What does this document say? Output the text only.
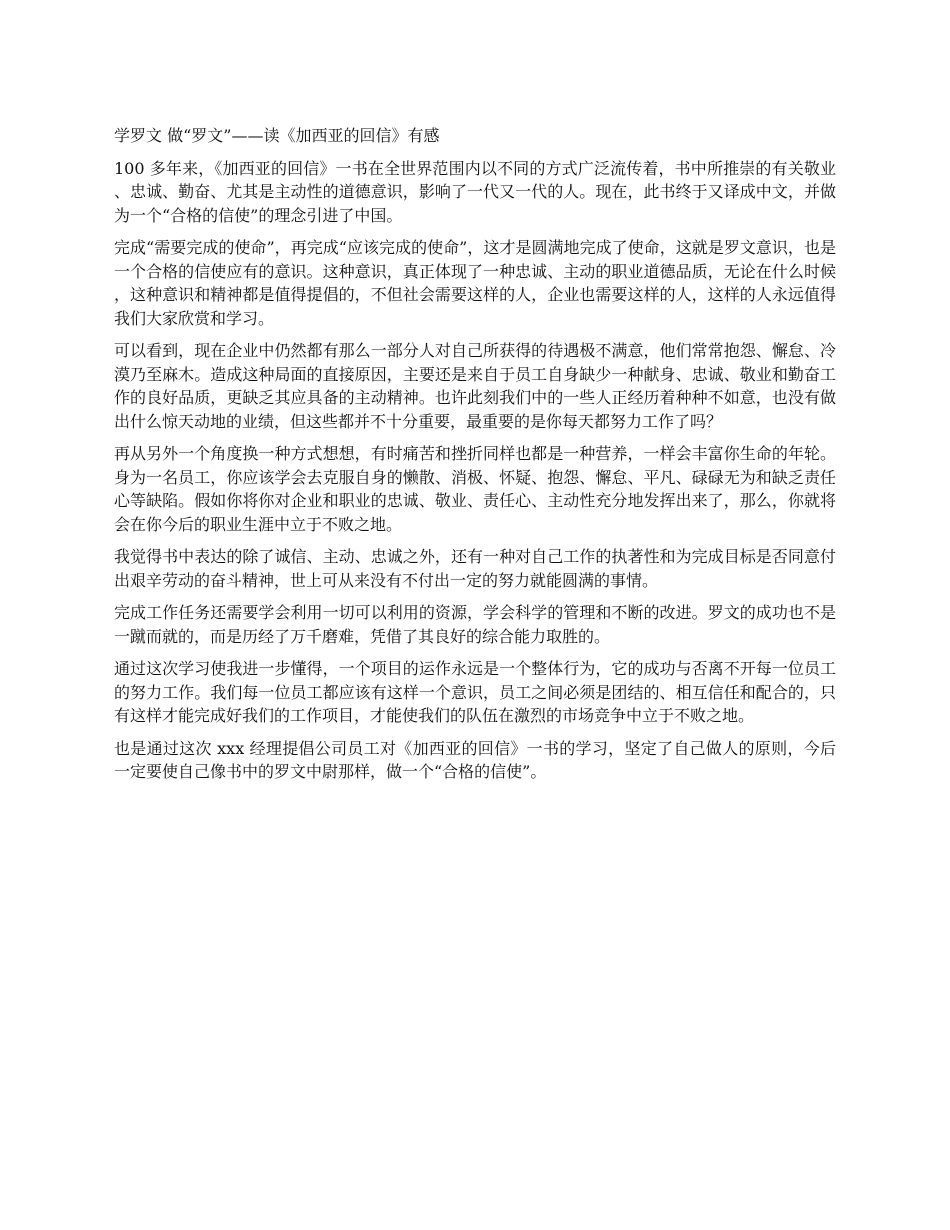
学罗文 做“罗文”——读《加西亚的回信》有感

100 多年来，《加西亚的回信》一书在全世界范围内以不同的方式广泛流传着，书中所推崇的有关敬业、忠诚、勤奋、尤其是主动性的道德意识，影响了一代又一代的人。现在，此书终于又译成中文，并做为一个“合格的信使”的理念引进了中国。

完成“需要完成的使命”，再完成“应该完成的使命”，这才是圆满地完成了使命，这就是罗文意识，也是一个合格的信使应有的意识。这种意识，真正体现了一种忠诚、主动的职业道德品质，无论在什么时候，这种意识和精神都是值得提倡的，不但社会需要这样的人，企业也需要这样的人，这样的人永远值得我们大家欣赏和学习。

可以看到，现在企业中仍然都有那么一部分人对自己所获得的待遇极不满意，他们常常抱怨、懈怠、冷漠乃至麻木。造成这种局面的直接原因，主要还是来自于员工自身缺少一种献身、忠诚、敬业和勤奋工作的良好品质，更缺乏其应具备的主动精神。也许此刻我们中的一些人正经历着种种不如意，也没有做出什么惊天动地的业绩，但这些都并不十分重要，最重要的是你每天都努力工作了吗？

再从另外一个角度换一种方式想想，有时痛苦和挫折同样也都是一种营养，一样会丰富你生命的年轮。身为一名员工，你应该学会去克服自身的懒散、消极、怀疑、抱怨、懈怠、平凡、碌碌无为和缺乏责任心等缺陷。假如你将你对企业和职业的忠诚、敬业、责任心、主动性充分地发挥出来了，那么，你就将会在你今后的职业生涯中立于不败之地。

我觉得书中表达的除了诚信、主动、忠诚之外，还有一种对自己工作的执著性和为完成目标是否同意付出艰辛劳动的奋斗精神，世上可从来没有不付出一定的努力就能圆满的事情。

完成工作任务还需要学会利用一切可以利用的资源，学会科学的管理和不断的改进。罗文的成功也不是一蹴而就的，而是历经了万千磨难，凭借了其良好的综合能力取胜的。

通过这次学习使我进一步懂得，一个项目的运作永远是一个整体行为，它的成功与否离不开每一位员工的努力工作。我们每一位员工都应该有这样一个意识，员工之间必须是团结的、相互信任和配合的，只有这样才能完成好我们的工作项目，才能使我们的队伍在激烈的市场竞争中立于不败之地。

也是通过这次 xxx 经理提倡公司员工对《加西亚的回信》一书的学习，坚定了自己做人的原则，今后一定要使自己像书中的罗文中尉那样，做一个“合格的信使”。
